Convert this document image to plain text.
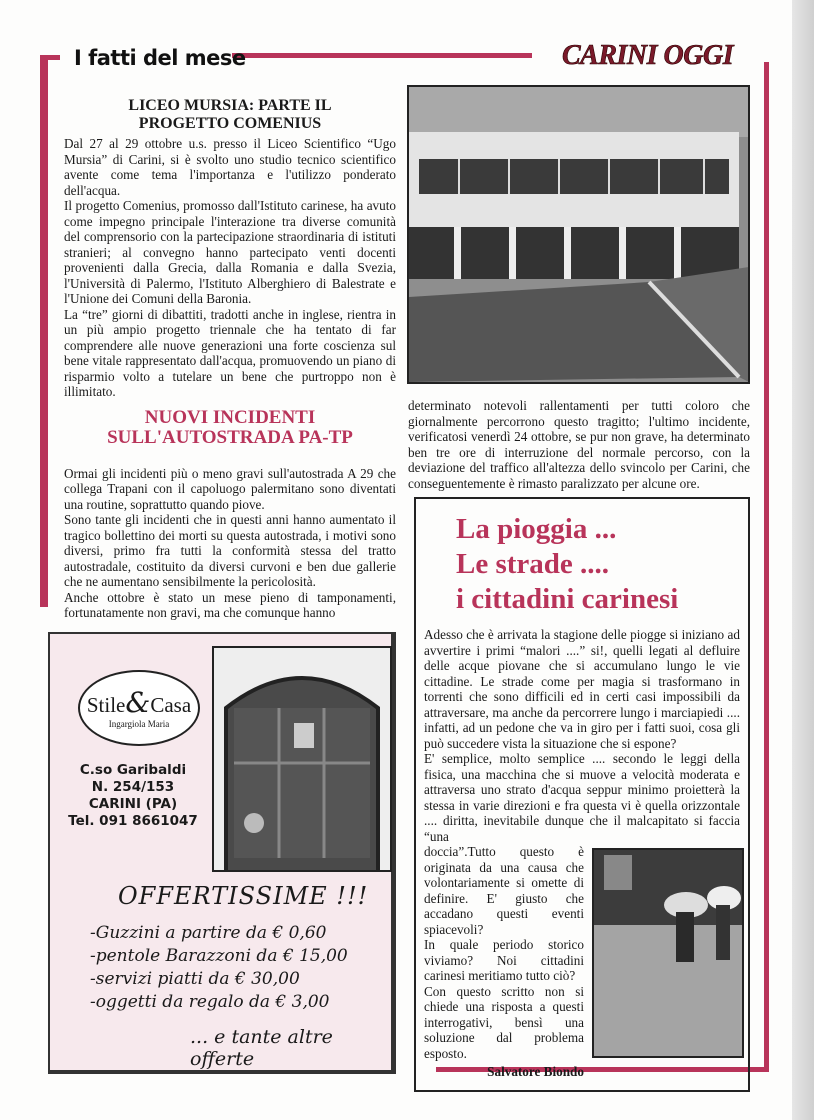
I fatti del mese	CARINI OGGI
LICEO MURSIA: PARTE IL
PROGETTO COMENIUS

Dal 27 al 29 ottobre u.s. presso il Liceo Scientifico “Ugo Mursia” di Carini, si è svolto uno studio tecnico scientifico avente come tema l'importanza e l'utilizzo ponderato dell'acqua.

Il progetto Comenius, promosso dall'Istituto carinese, ha avuto come impegno principale l'interazione tra diverse comunità del comprensorio con la partecipazione straordinaria di istituti stranieri; al convegno hanno partecipato venti docenti provenienti dalla Grecia, dalla Romania e dalla Svezia, l'Università di Palermo, l'Istituto Alberghiero di Balestrate e l'Unione dei Comuni della Baronia.

La “tre” giorni di dibattiti, tradotti anche in inglese, rientra in un più ampio progetto triennale che ha tentato di far comprendere alle nuove generazioni una forte coscienza sul bene vitale rappresentato dall'acqua, promuovendo un piano di risparmio volto a tutelare un bene che purtroppo non è illimitato.

NUOVI INCIDENTI
SULL'AUTOSTRADA PA-TP

Ormai gli incidenti più o meno gravi sull'autostrada A 29 che collega Trapani con il capoluogo palermitano sono diventati una routine, soprattutto quando piove.

Sono tante gli incidenti che in questi anni hanno aumentato il tragico bollettino dei morti su questa autostrada, i motivi sono diversi, primo fra tutti la conformità stessa del tratto autostradale, costituito da diversi curvoni e ben due gallerie che ne aumentano sensibilmente la pericolosità.

Anche ottobre è stato un mese pieno di tamponamenti, fortunatamente non gravi, ma che comunque hanno

determinato notevoli rallentamenti per tutti coloro che giornalmente percorrono questo tragitto; l'ultimo incidente, verificatosi venerdì 24 ottobre, se pur non grave, ha determinato ben tre ore di interruzione del normale percorso, con la deviazione del traffico all'altezza dello svincolo per Carini, che conseguentemente è rimasto paralizzato per alcune ore.
La pioggia ...
Le strade ....
i cittadini carinesi

Adesso che è arrivata la stagione delle piogge si iniziano ad avvertire i primi “malori ....” si!, quelli legati al defluire delle acque piovane che si accumulano lungo le vie cittadine. Le strade come per magia si trasformano in torrenti che sono difficili ed in certi casi impossibili da attraversare, ma anche da percorrere lungo i marciapiedi .... infatti, ad un pedone che va in giro per i fatti suoi, cosa gli può succedere vista la situazione che si espone?

E' semplice, molto semplice .... secondo le leggi della fisica, una macchina che si muove a velocità moderata e attraversa uno strato d'acqua seppur minimo proietterà la stessa in varie direzioni e fra questa vi è quella orizzontale .... diritta, inevitabile dunque che il malcapitato si faccia “una

doccia”.Tutto questo è originata da una causa che volontariamente si omette di definire. E' giusto che accadano questi eventi spiacevoli?

In quale periodo storico viviamo? Noi cittadini carinesi meritiamo tutto ciò?

Con questo scritto non si chiede una risposta a questi interrogativi, bensì una soluzione dal problema esposto.

Salvatore Biondo

Stile&Casa
Ingargiola Maria
C.so Garibaldi
N. 254/153
CARINI (PA)
Tel. 091 8661047
OFFERTISSIME !!!
-Guzzini a partire da € 0,60
-pentole Barazzoni da € 15,00
-servizi piatti da € 30,00
-oggetti da regalo da € 3,00
... e tante altre offerte
